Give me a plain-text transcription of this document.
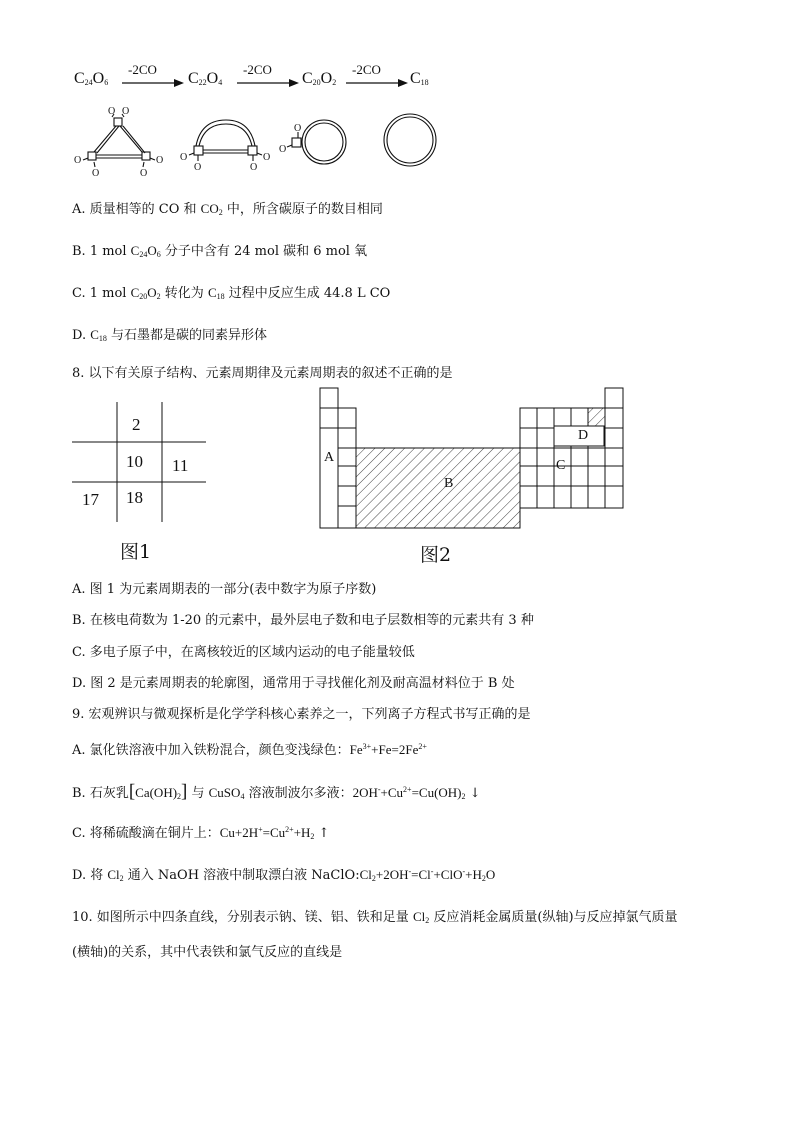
$C_{24}O_6$
-2CO
→ $C_{22}O_4$
-2CO
→ $C_{20}O_2$
-2CO
→ $C_{18}$
O
O
O
O
O
O
O	O
O	O
O
O
A. 质量相等的 CO 和 $CO_2$ 中，所含碳原子的数目相同
B. 1 mol $C_{24}O_6$ 分子中含有 24 mol 碳和 6 mol 氧
C. 1 mol $C_{20}O_2$ 转化为 $C_{18}$ 过程中反应生成 44.8 L CO
D. $C_{18}$ 与石墨都是碳的同素异形体
8. 以下有关原子结构、元素周期律及元素周期表的叙述不正确的是
2
10 11
17 18
图1
A
B
C
D
图2
A. 图 1 为元素周期表的一部分(表中数字为原子序数)
B. 在核电荷数为 1-20 的元素中，最外层电子数和电子层数相等的元素共有 3 种
C. 多电子原子中，在离核较近的区域内运动的电子能量较低
D. 图 2 是元素周期表的轮廓图，通常用于寻找催化剂及耐高温材料位于 B 处
9. 宏观辨识与微观探析是化学学科核心素养之一，下列离子方程式书写正确的是
A. 氯化铁溶液中加入铁粉混合，颜色变浅绿色：$Fe^{3+}+Fe=2Fe^{2+}$
B. 石灰乳$[Ca(OH)_2]$ 与 CuSO$_4$ 溶液制波尔多液：$2OH^-+Cu^{2+}=Cu(OH)_2$ ↓
C. 将稀硫酸滴在铜片上：$Cu+2H^+=Cu^{2+}+H_2$ ↑
D. 将 $Cl_2$ 通入 NaOH 溶液中制取漂白液 $NaClO:Cl_2+2OH^-=Cl^-+ClO^-+H_2O$
10. 如图所示中四条直线，分别表示钠、镁、铝、铁和足量 $Cl_2$ 反应消耗金属质量(纵轴)与反应掉氯气质量
(横轴)的关系，其中代表铁和氯气反应的直线是
